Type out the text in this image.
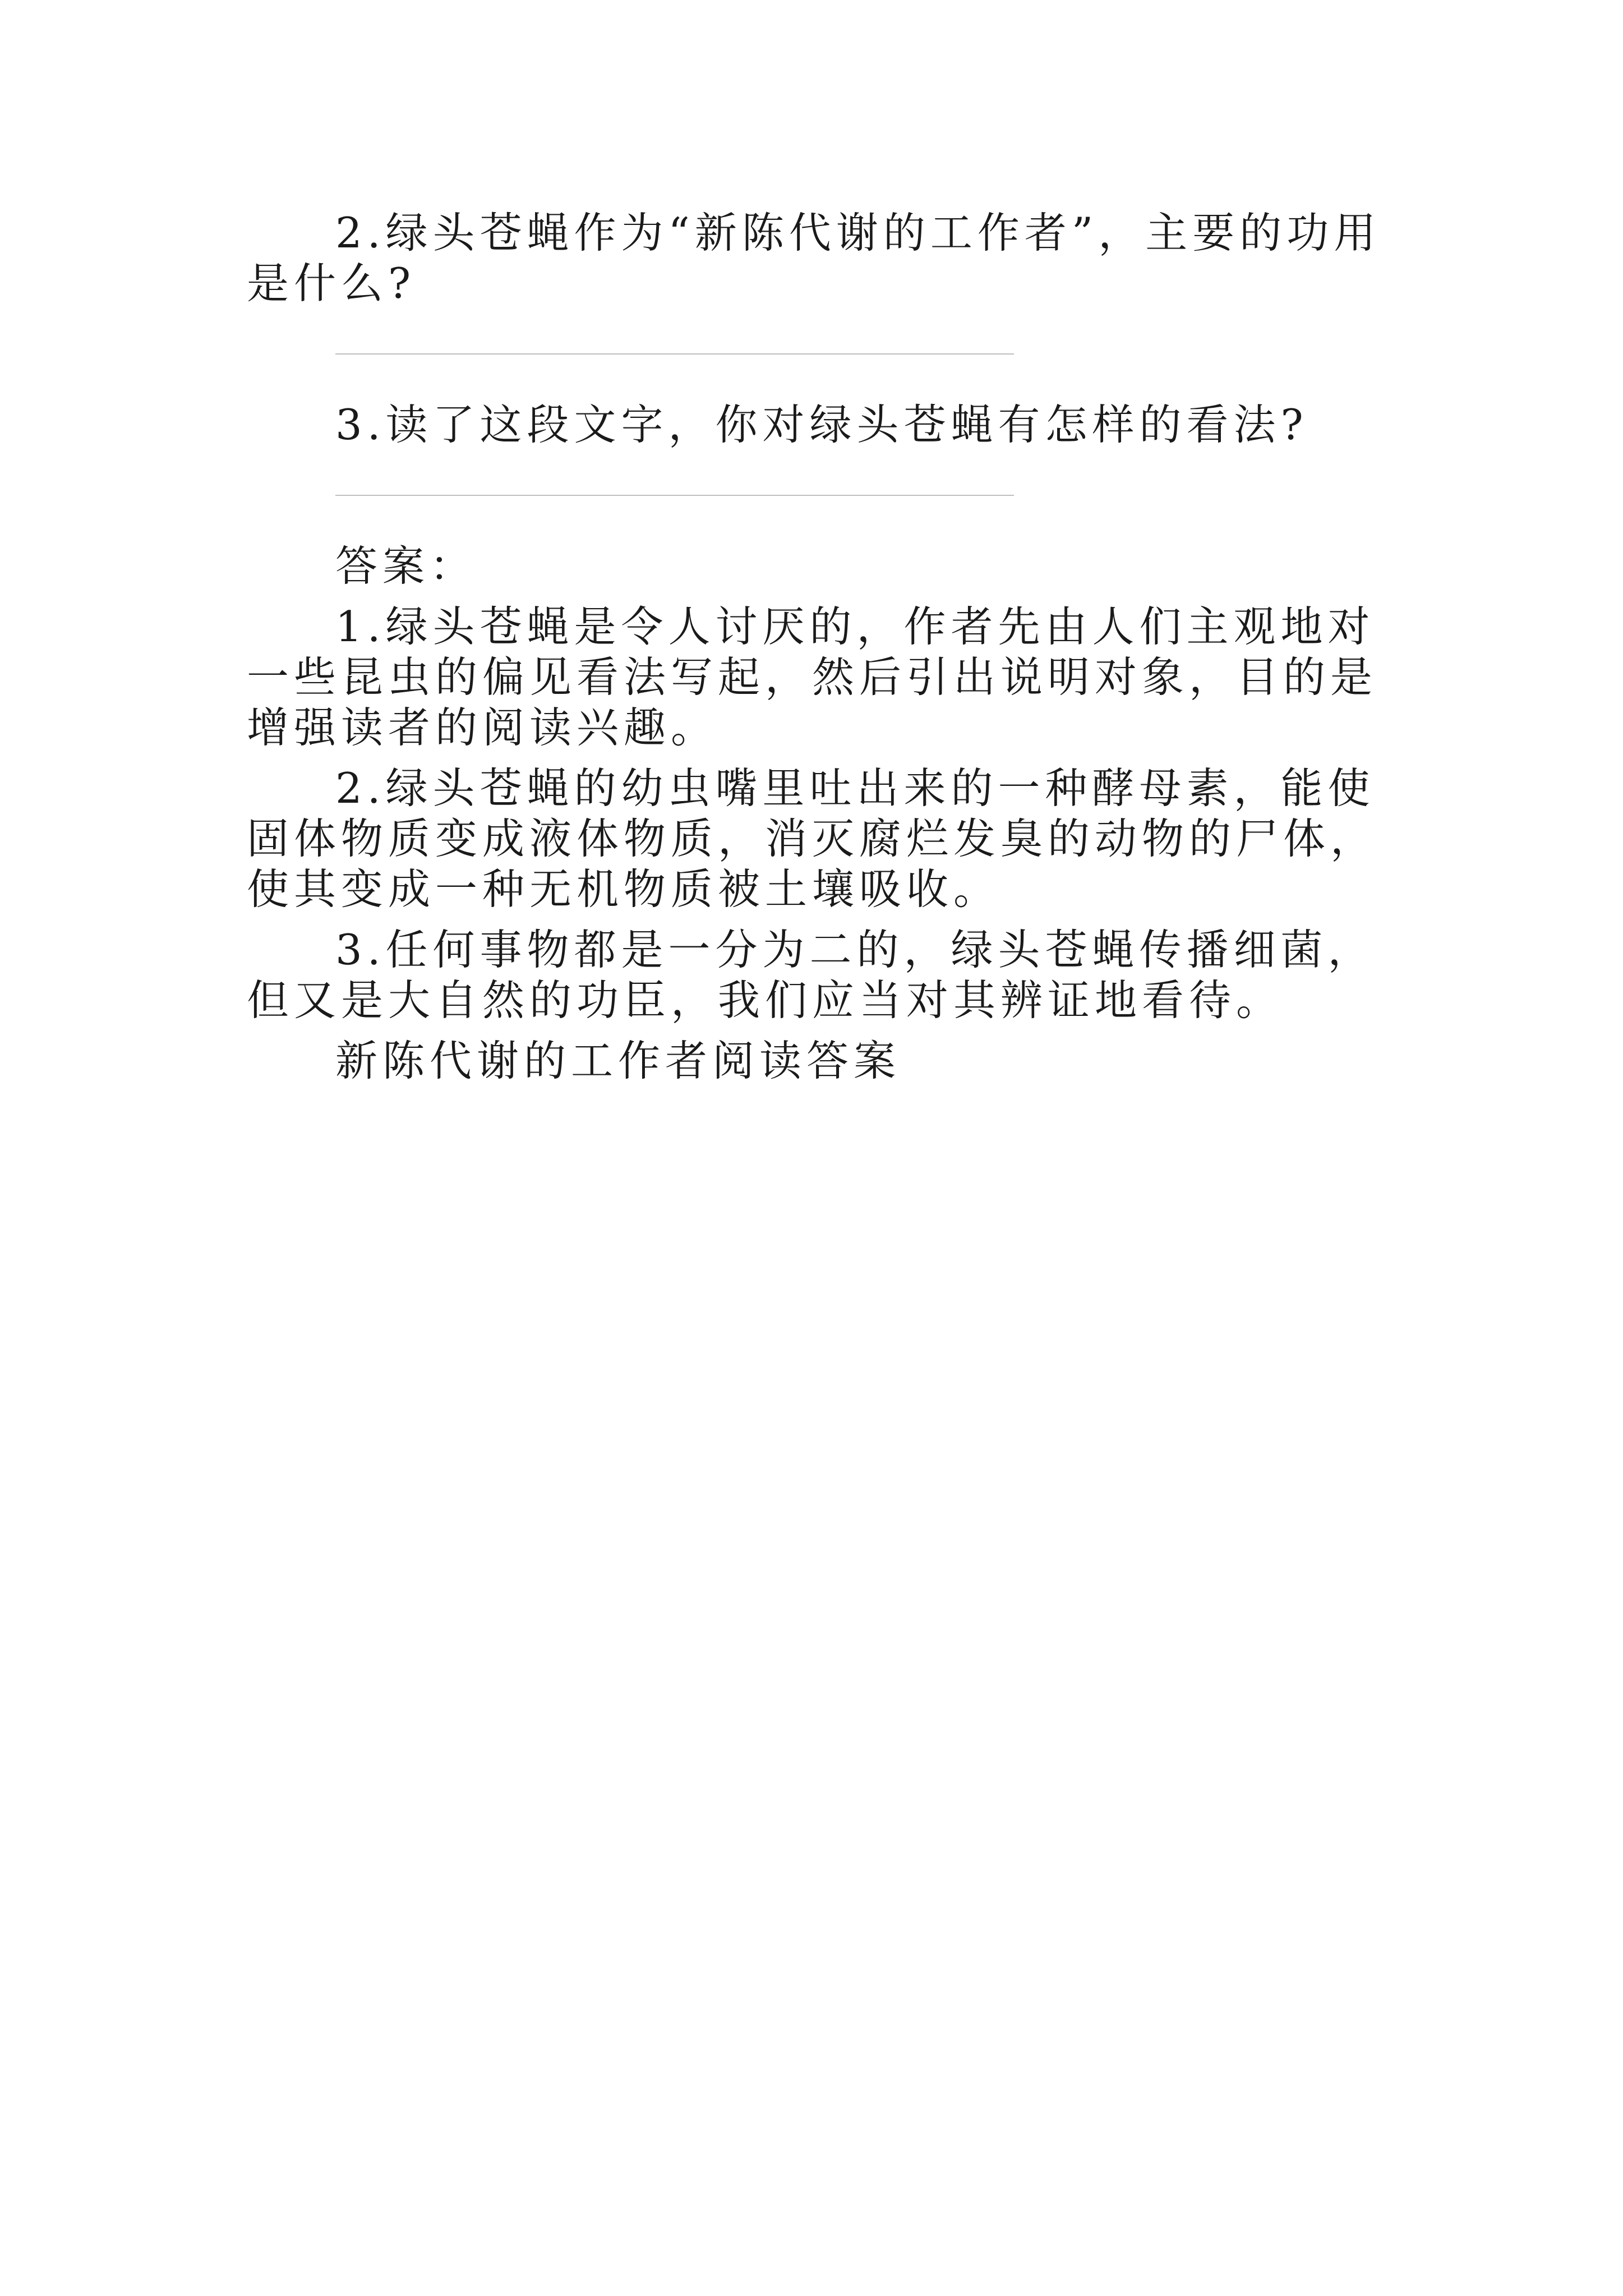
2.绿头苍蝇作为“新陈代谢的工作者”，主要的功用是什么?

3.读了这段文字，你对绿头苍蝇有怎样的看法?

答案：

1.绿头苍蝇是令人讨厌的，作者先由人们主观地对一些昆虫的偏见看法写起，然后引出说明对象，目的是增强读者的阅读兴趣。

2.绿头苍蝇的幼虫嘴里吐出来的一种酵母素，能使固体物质变成液体物质，消灭腐烂发臭的动物的尸体，使其变成一种无机物质被土壤吸收。

3.任何事物都是一分为二的，绿头苍蝇传播细菌，但又是大自然的功臣，我们应当对其辨证地看待。

新陈代谢的工作者阅读答案
